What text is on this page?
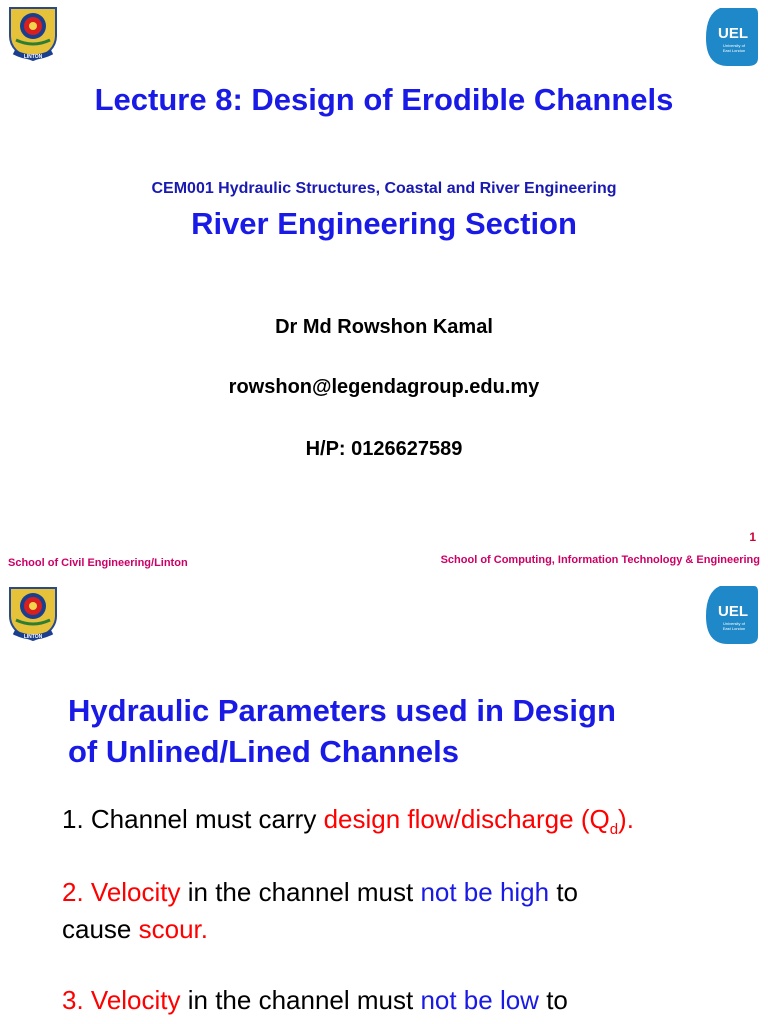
LINTON
UEL
University of
East London
Lecture 8: Design of Erodible Channels
CEM001 Hydraulic Structures, Coastal and River Engineering
River Engineering Section
Dr Md Rowshon Kamal
rowshon@legendagroup.edu.my
H/P: 0126627589
1
School of Civil Engineering/Linton	School of Computing, Information Technology & Engineering
LINTON
UEL
University of
East London
Hydraulic Parameters used in Design
of Unlined/Lined Channels
1. Channel must carry design flow/discharge $(Q_d)$.
2. Velocity in the channel must not be high to
cause scour.
3. Velocity in the channel must not be low to
